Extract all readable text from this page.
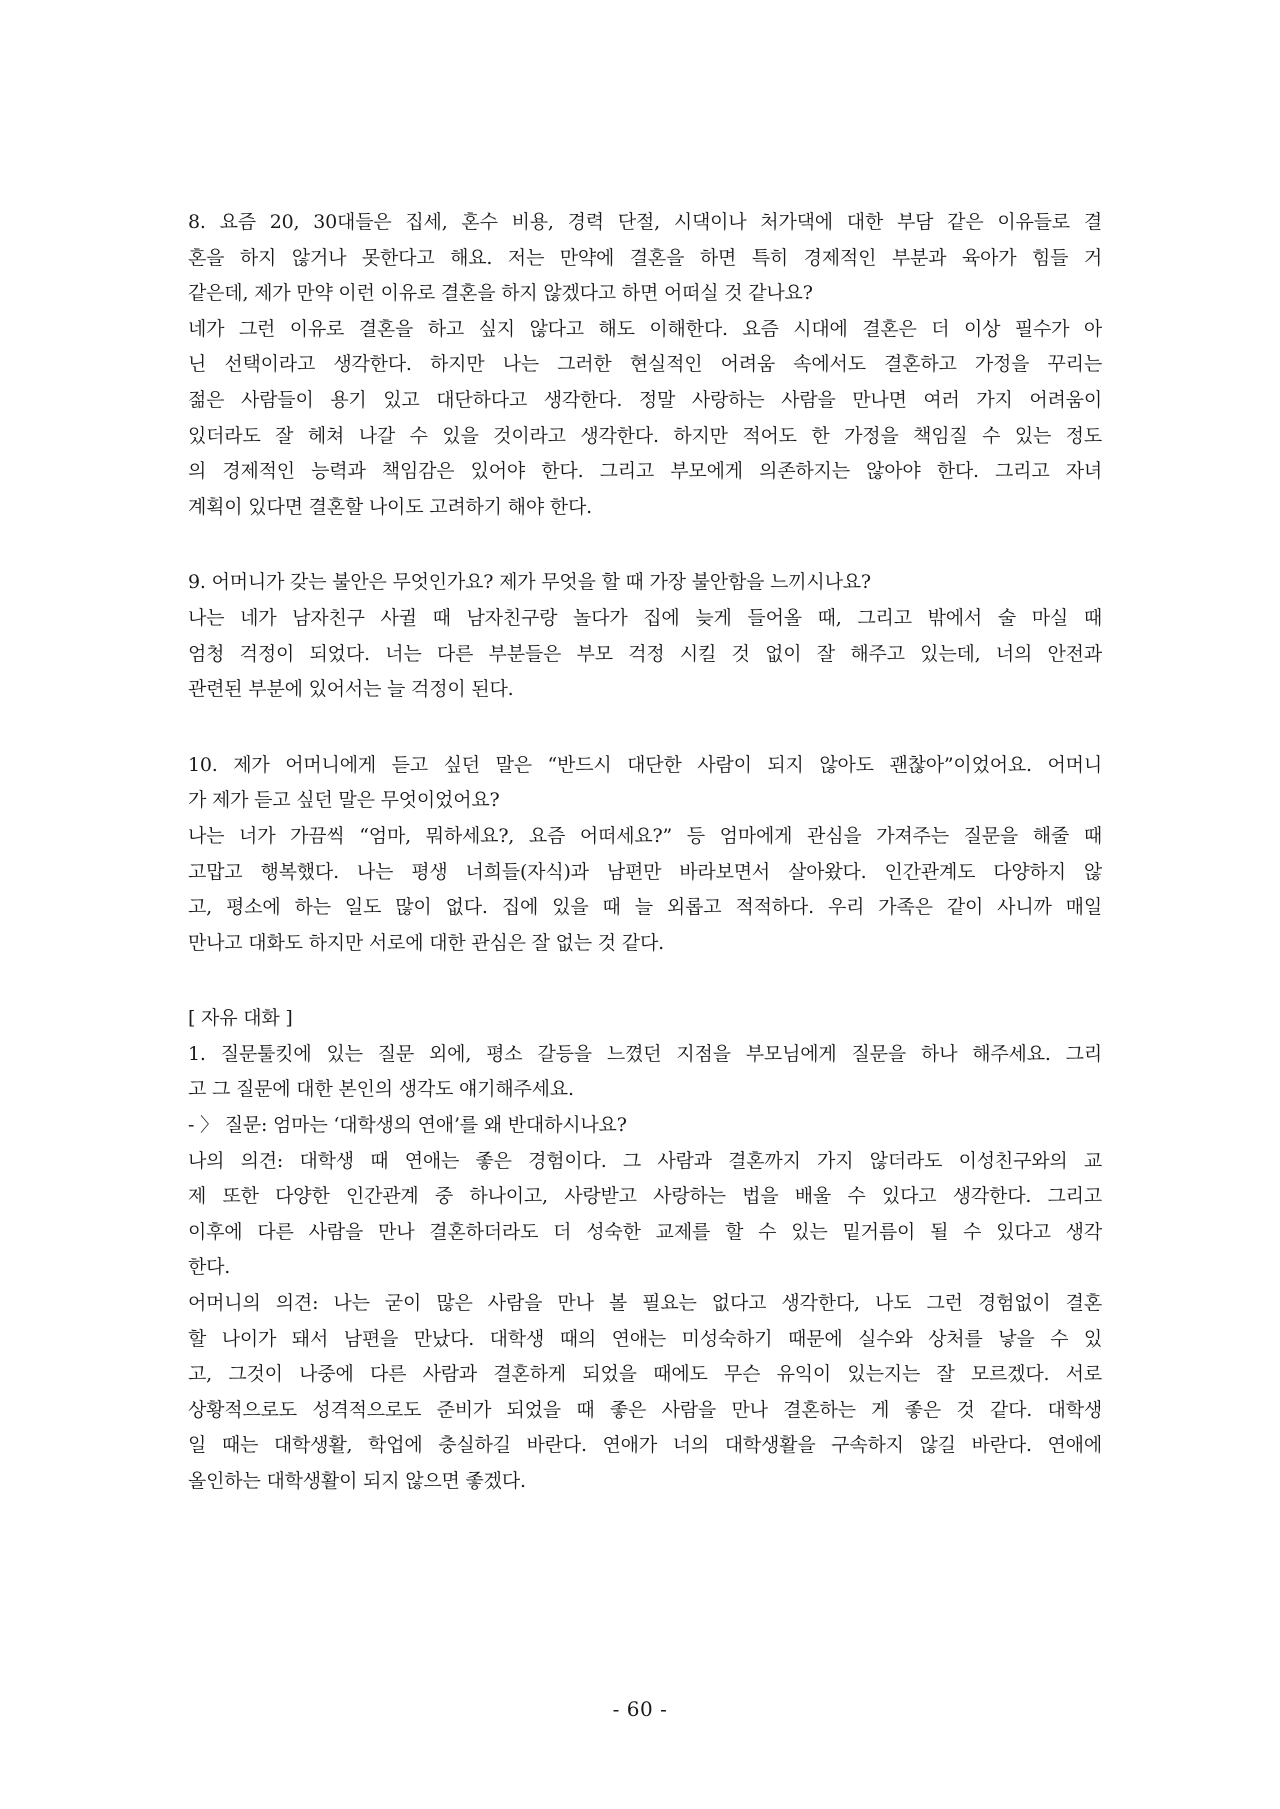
8. 요즘 20, 30대들은 집세, 혼수 비용, 경력 단절, 시댁이나 처가댁에 대한 부담 같은 이유들로 결
혼을 하지 않거나 못한다고 해요. 저는 만약에 결혼을 하면 특히 경제적인 부분과 육아가 힘들 거
같은데, 제가 만약 이런 이유로 결혼을 하지 않겠다고 하면 어떠실 것 같나요?
네가 그런 이유로 결혼을 하고 싶지 않다고 해도 이해한다. 요즘 시대에 결혼은 더 이상 필수가 아
닌 선택이라고 생각한다. 하지만 나는 그러한 현실적인 어려움 속에서도 결혼하고 가정을 꾸리는
젊은 사람들이 용기 있고 대단하다고 생각한다. 정말 사랑하는 사람을 만나면 여러 가지 어려움이
있더라도 잘 헤쳐 나갈 수 있을 것이라고 생각한다. 하지만 적어도 한 가정을 책임질 수 있는 정도
의 경제적인 능력과 책임감은 있어야 한다. 그리고 부모에게 의존하지는 않아야 한다. 그리고 자녀
계획이 있다면 결혼할 나이도 고려하기 해야 한다.
9. 어머니가 갖는 불안은 무엇인가요? 제가 무엇을 할 때 가장 불안함을 느끼시나요?
나는 네가 남자친구 사귈 때 남자친구랑 놀다가 집에 늦게 들어올 때, 그리고 밖에서 술 마실 때
엄청 걱정이 되었다. 너는 다른 부분들은 부모 걱정 시킬 것 없이 잘 해주고 있는데, 너의 안전과
관련된 부분에 있어서는 늘 걱정이 된다.
10. 제가 어머니에게 듣고 싶던 말은 “반드시 대단한 사람이 되지 않아도 괜찮아”이었어요. 어머니
가 제가 듣고 싶던 말은 무엇이었어요?
나는 너가 가끔씩 “엄마, 뭐하세요?, 요즘 어떠세요?” 등 엄마에게 관심을 가져주는 질문을 해줄 때
고맙고 행복했다. 나는 평생 너희들(자식)과 남편만 바라보면서 살아왔다. 인간관계도 다양하지 않
고, 평소에 하는 일도 많이 없다. 집에 있을 때 늘 외롭고 적적하다. 우리 가족은 같이 사니까 매일
만나고 대화도 하지만 서로에 대한 관심은 잘 없는 것 같다.
[ 자유 대화 ]
1. 질문툴킷에 있는 질문 외에, 평소 갈등을 느꼈던 지점을 부모님에게 질문을 하나 해주세요. 그리
고 그 질문에 대한 본인의 생각도 얘기해주세요.
- 〉 질문: 엄마는 ‘대학생의 연애’를 왜 반대하시나요?
나의 의견: 대학생 때 연애는 좋은 경험이다. 그 사람과 결혼까지 가지 않더라도 이성친구와의 교
제 또한 다양한 인간관계 중 하나이고, 사랑받고 사랑하는 법을 배울 수 있다고 생각한다. 그리고
이후에 다른 사람을 만나 결혼하더라도 더 성숙한 교제를 할 수 있는 밑거름이 될 수 있다고 생각
한다.
어머니의 의견: 나는 굳이 많은 사람을 만나 볼 필요는 없다고 생각한다, 나도 그런 경험없이 결혼
할 나이가 돼서 남편을 만났다. 대학생 때의 연애는 미성숙하기 때문에 실수와 상처를 낳을 수 있
고, 그것이 나중에 다른 사람과 결혼하게 되었을 때에도 무슨 유익이 있는지는 잘 모르겠다. 서로
상황적으로도 성격적으로도 준비가 되었을 때 좋은 사람을 만나 결혼하는 게 좋은 것 같다. 대학생
일 때는 대학생활, 학업에 충실하길 바란다. 연애가 너의 대학생활을 구속하지 않길 바란다. 연애에
올인하는 대학생활이 되지 않으면 좋겠다.
- 60 -
